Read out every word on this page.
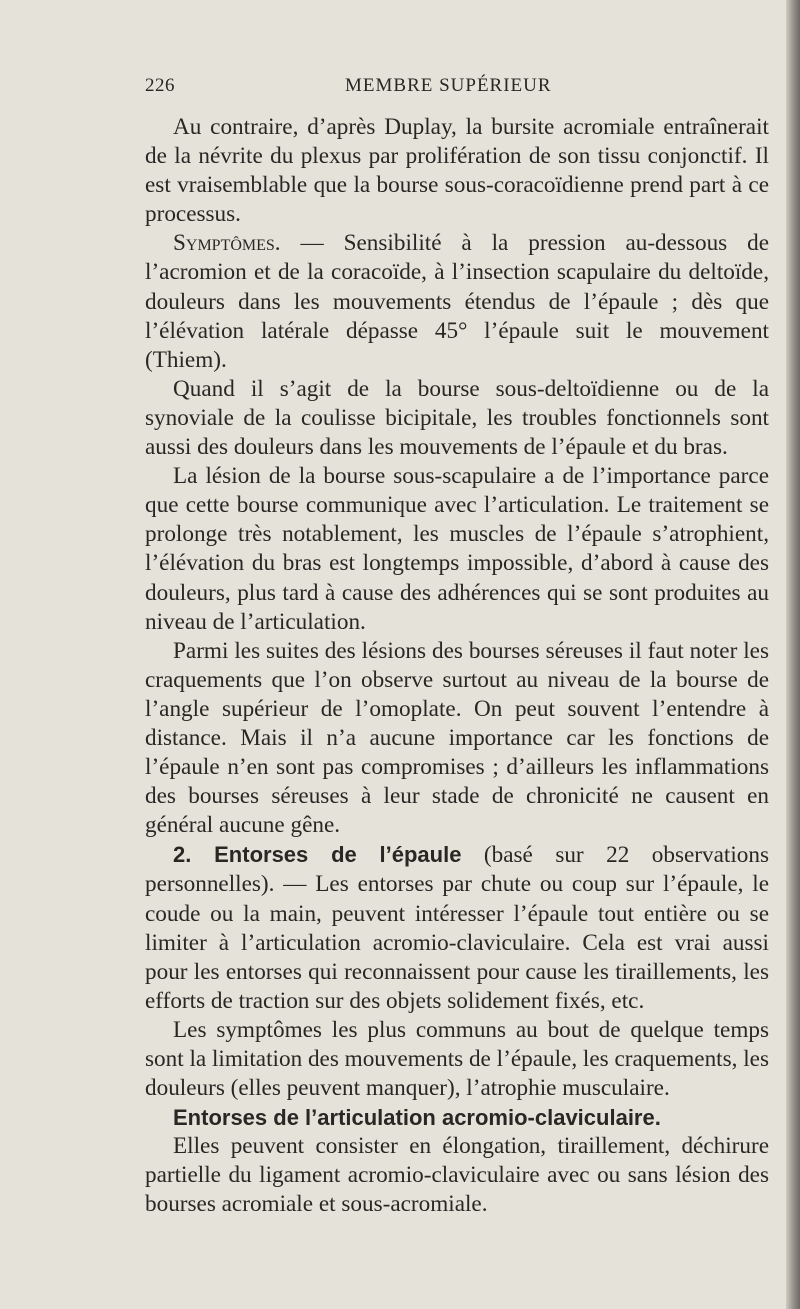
226	MEMBRE SUPÉRIEUR

Au contraire, d’après Duplay, la bursite acromiale entraînerait de la névrite du plexus par prolifération de son tissu conjonctif. Il est vraisemblable que la bourse sous-coracoïdienne prend part à ce processus.

Symptômes. — Sensibilité à la pression au-dessous de l’acromion et de la coracoïde, à l’insection scapulaire du deltoïde, douleurs dans les mouvements étendus de l’épaule ; dès que l’élévation latérale dépasse 45° l’épaule suit le mouvement (Thiem).

Quand il s’agit de la bourse sous-deltoïdienne ou de la synoviale de la coulisse bicipitale, les troubles fonctionnels sont aussi des douleurs dans les mouvements de l’épaule et du bras.

La lésion de la bourse sous-scapulaire a de l’importance parce que cette bourse communique avec l’articulation. Le traitement se prolonge très notablement, les muscles de l’épaule s’atrophient, l’élévation du bras est longtemps impossible, d’abord à cause des douleurs, plus tard à cause des adhérences qui se sont produites au niveau de l’articulation.

Parmi les suites des lésions des bourses séreuses il faut noter les craquements que l’on observe surtout au niveau de la bourse de l’angle supérieur de l’omoplate. On peut souvent l’entendre à distance. Mais il n’a aucune importance car les fonctions de l’épaule n’en sont pas compromises ; d’ailleurs les inflammations des bourses séreuses à leur stade de chronicité ne causent en général aucune gêne.

2. Entorses de l’épaule (basé sur 22 observations personnelles). — Les entorses par chute ou coup sur l’épaule, le coude ou la main, peuvent intéresser l’épaule tout entière ou se limiter à l’articulation acromio-claviculaire. Cela est vrai aussi pour les entorses qui reconnaissent pour cause les tiraillements, les efforts de traction sur des objets solidement fixés, etc.

Les symptômes les plus communs au bout de quelque temps sont la limitation des mouvements de l’épaule, les craquements, les douleurs (elles peuvent manquer), l’atrophie musculaire.

Entorses de l’articulation acromio-claviculaire.

Elles peuvent consister en élongation, tiraillement, déchirure partielle du ligament acromio-claviculaire avec ou sans lésion des bourses acromiale et sous-acromiale.
